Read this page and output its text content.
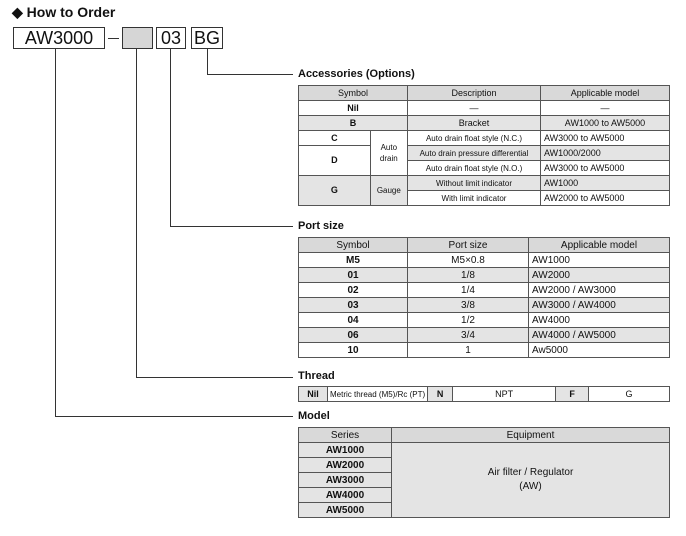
◆ How to Order
AW3000	03 BG
Accessories (Options)
Symbol		Description	Applicable model
Nil		—	—
B		Bracket	AW1000 to AW5000
C	Auto drain	Auto drain float style (N.C.)	AW3000 to AW5000
D		Auto drain pressure differential	AW1000/2000
		Auto drain float style (N.O.)	AW3000 to AW5000
G	Gauge	Without limit indicator	AW1000
		With limit indicator	AW2000 to AW5000
Port size
Symbol	Port size	Applicable model
M5	M5×0.8	AW1000
01	1/8	AW2000
02	1/4	AW2000 / AW3000
03	3/8	AW3000 / AW4000
04	1/2	AW4000
06	3/4	AW4000 / AW5000
10	1	Aw5000
Thread
Nil	Metric thread (M5)/Rc (PT)	N	NPT	F	G
Model
Series	Equipment
AW1000	Air filter / Regulator
(AW)

AW2000	
AW3000	
AW4000	
AW5000	
